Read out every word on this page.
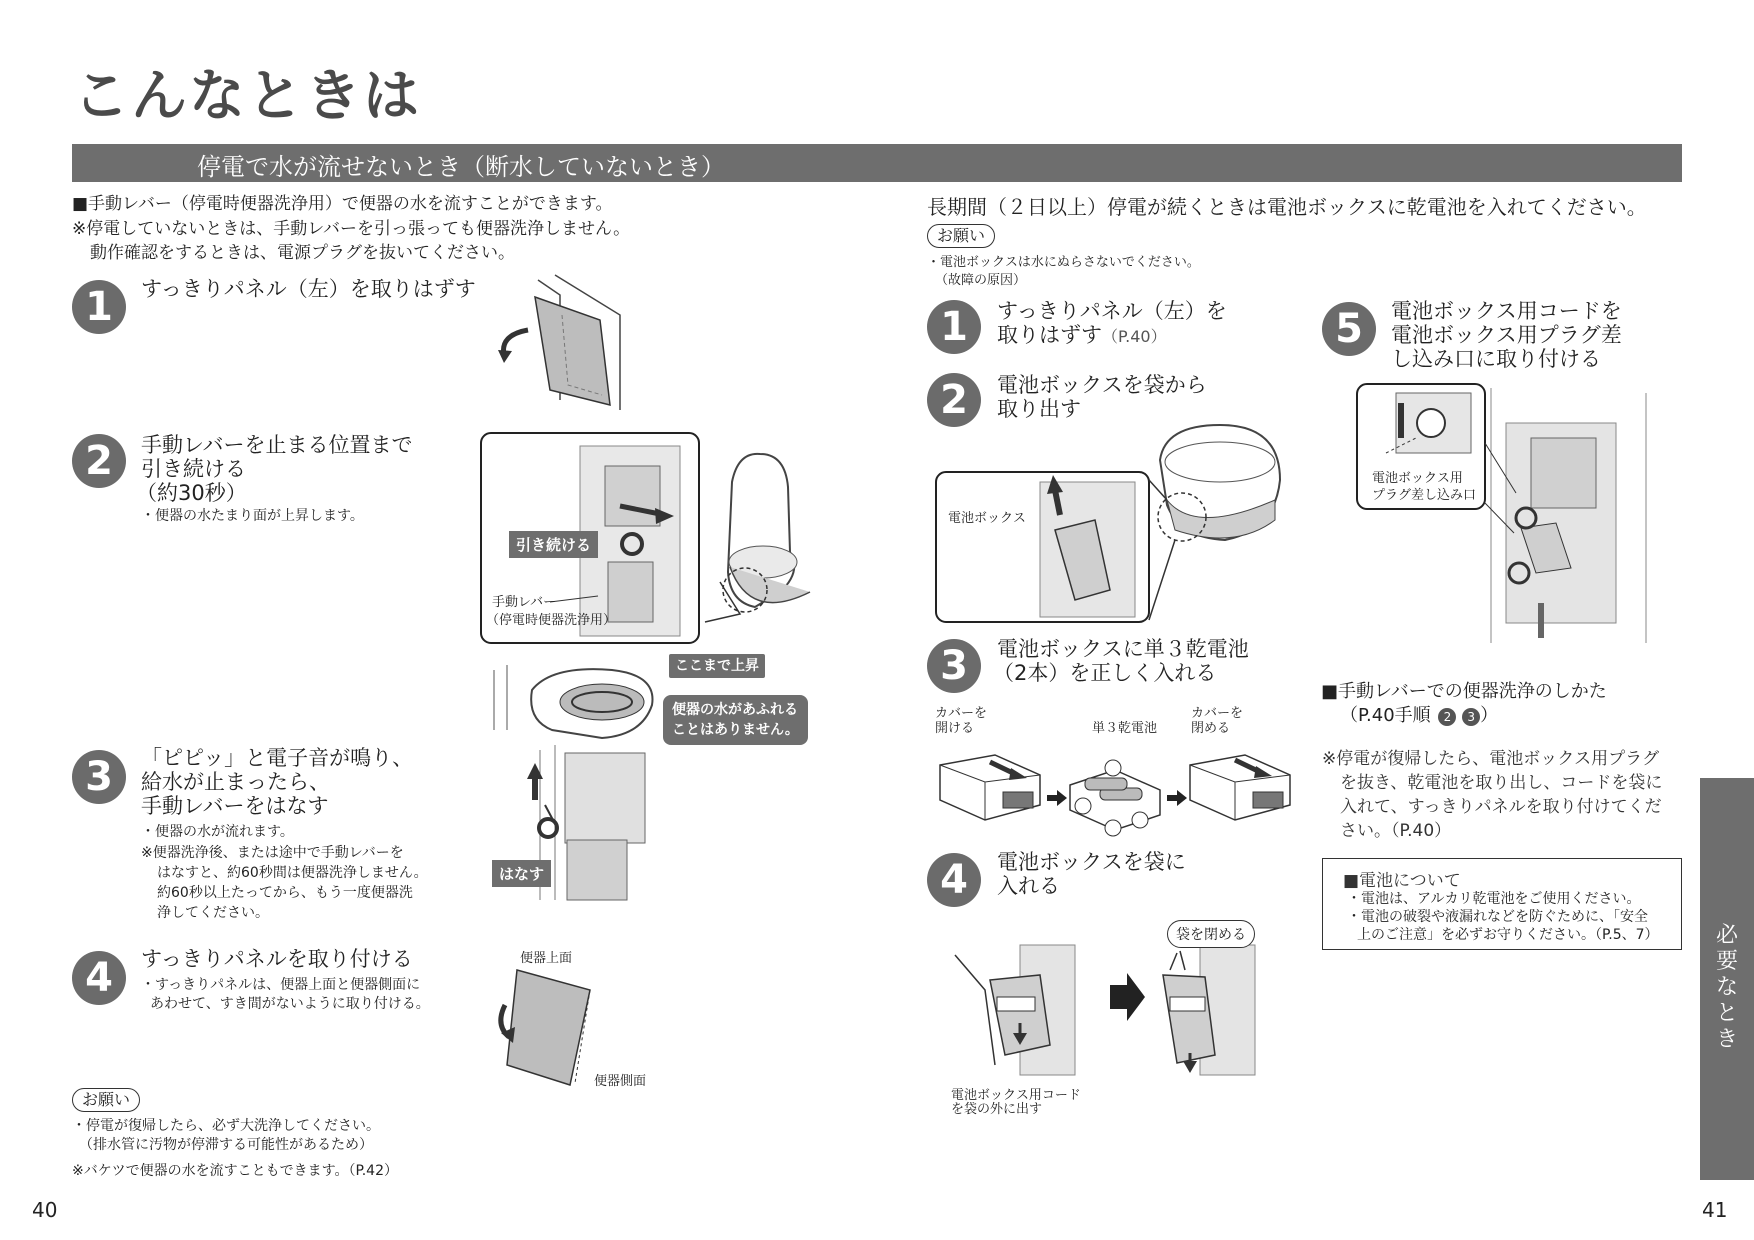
こんなときは
停電で水が流せないとき（断水していないとき）
■手動レバー（停電時便器洗浄用）で便器の水を流すことができます。
※停電していないときは、手動レバーを引っ張っても便器洗浄しません。
動作確認をするときは、電源プラグを抜いてください。
1	すっきりパネル（左）を取りはずす
2	手動レバーを止まる位置まで
引き続ける
（約30秒）
・便器の水たまり面が上昇します。
引き続ける
手動レバー
（停電時便器洗浄用）
ここまで上昇
便器の水があふれる
ことはありません。
3	「ピピッ」と電子音が鳴り、
給水が止まったら、
手動レバーをはなす
・便器の水が流れます。
※便器洗浄後、または途中で手動レバーを
はなすと、約60秒間は便器洗浄しません。
約60秒以上たってから、もう一度便器洗
浄してください。
はなす
4	すっきりパネルを取り付ける
・すっきりパネルは、便器上面と便器側面に
あわせて、すき間がないように取り付ける。
便器上面
便器側面
お願い
・停電が復帰したら、必ず大洗浄してください。
（排水管に汚物が停滞する可能性があるため）
※バケツで便器の水を流すこともできます。（P.42）
40
長期間（２日以上）停電が続くときは電池ボックスに乾電池を入れてください。
お願い
・電池ボックスは水にぬらさないでください。
（故障の原因）
1	すっきりパネル（左）を
取りはずす（P.40）
2	電池ボックスを袋から
取り出す
電池ボックス
3	電池ボックスに単３乾電池
（2本）を正しく入れる
カバーを
開ける	単３乾電池
カバーを
閉める
4	電池ボックスを袋に
入れる
袋を閉める
電池ボックス用コード
を袋の外に出す
5	電池ボックス用コードを
電池ボックス用プラグ差
し込み口に取り付ける
電池ボックス用
プラグ差し込み口
■手動レバーでの便器洗浄のしかた
（P.40手順 2 3 ）
※停電が復帰したら、電池ボックス用プラグ
を抜き、乾電池を取り出し、コードを袋に
入れて、すっきりパネルを取り付けてくだ
さい。（P.40）
■電池について
・電池は、アルカリ乾電池をご使用ください。
・電池の破裂や液漏れなどを防ぐために、「安全
上のご注意」を必ずお守りください。（P.5、7）	必要なとき
41
